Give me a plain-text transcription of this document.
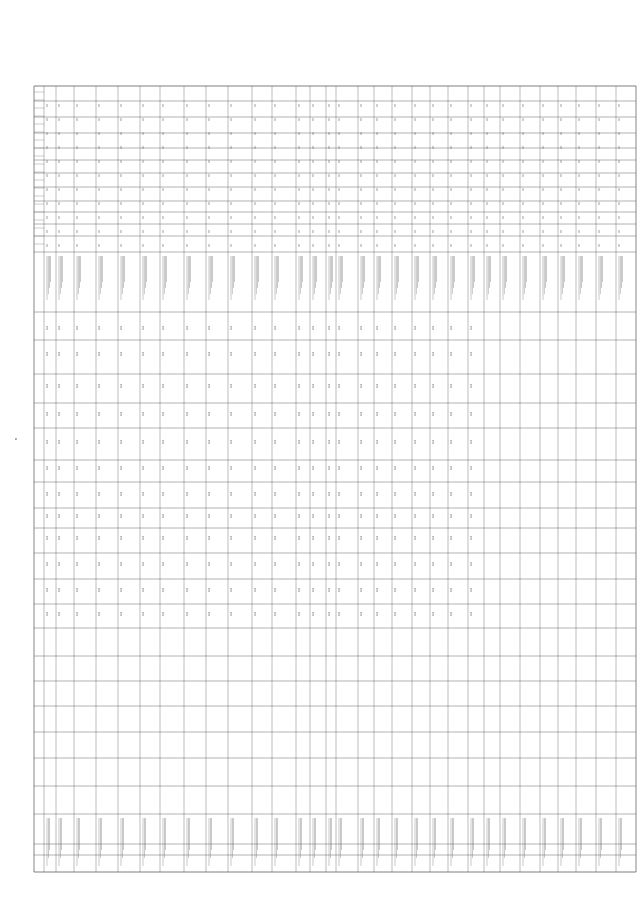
0,0
0,0
0,0
0,0
0,0
0,0
0,0
0,0
0,0
0,0
0,0
0,0
0,0
0,0
0,0
0,0
0,0
0,0
0,0
0,0
0,0
0,0
0,0
0,0
0,0
0,0
0,0
0,0
0,0
0,0
0,0
0,0
0,0
0,0
0,0
0,0
0,0
0,0
0,0
0,0
0,0
0,0
0,0
0,0
0,0
0,0
0,0
0,0
0,0
0,0
0,0
0,0
0,0
0,0
0,0
0,0
0,0
0,0
0,0
0,0
0,0
0,0
0,0
0,0
0,0
0,0
0,0
0,0
0,0
0,0
0,0
0,0
0,0
0,0
0,0
0,0
0,0
0,0
0,0
0,0
0,0
0,0
0,0
0,0
0,0
0,0
0,0
0,0
0,0
0,0
0,0
0,0
0,0
0,0
0,0
0,0
0,0
0,0
0,0
0,0
0,0
0,0
0,0
0,0
0,0
0,0
0,0
0,0
0,0
0,0
0,0
0,0
0,0
0,0
0,0
0,0
0,0
0,0
0,0
0,0
0,0
0,0
0,0
0,0
0,0
0,0
0,0
0,0
0,0
0,0
0,0
0,0
0,0
0,0
0,0
0,0
0,0
0,0
0,0
0,0
0,0
0,0
0,0
0,0
0,0
0,0
0,0
0,0
0,0
0,0
0,0
0,0
0,0
0,0
0,0
0,0
0,0
0,0
0,0
0,0
0,0
0,0
0,0
0,0
0,0
0,0
0,0
0,0
0,0
0,0
0,0
0,0
0,0
0,0
0,0
0,0
0,0
0,0
0,0
0,0
0,0
0,0
0,0
0,0
0,0
0,0
0,0
0,0
0,0
0,0
0,0
0,0
0,0
0,0
0,0
0,0
0,0
0,0
0,0
0,0
0,0
0,0
0,0
0,0
0,0
0,0
0,0
0,0
0,0
0,0
0,0
0,0
0,0
0,0
0,0
0,0
0,0
0,0
0,0
0,0
0,0
0,0
0,0
0,0
0,0
0,0
0,0
0,0
0,0
0,0
0,0
0,0
0,0
0,0
0,0
0,0
0,0
0,0
0,0
0,0
0,0
0,0
0,0
0,0
0,0
0,0
0,0
0,0
0,0
0,0
0,0
0,0
0,0
0,0
0,0
0,0
0,0
0,0
0,0
0,0
0,0
0,0
0,0
0,0
0,0
0,0
0,0
0,0
0,0
0,0
0,0
0,0
0,0
0,0
0,0
0,0
8
